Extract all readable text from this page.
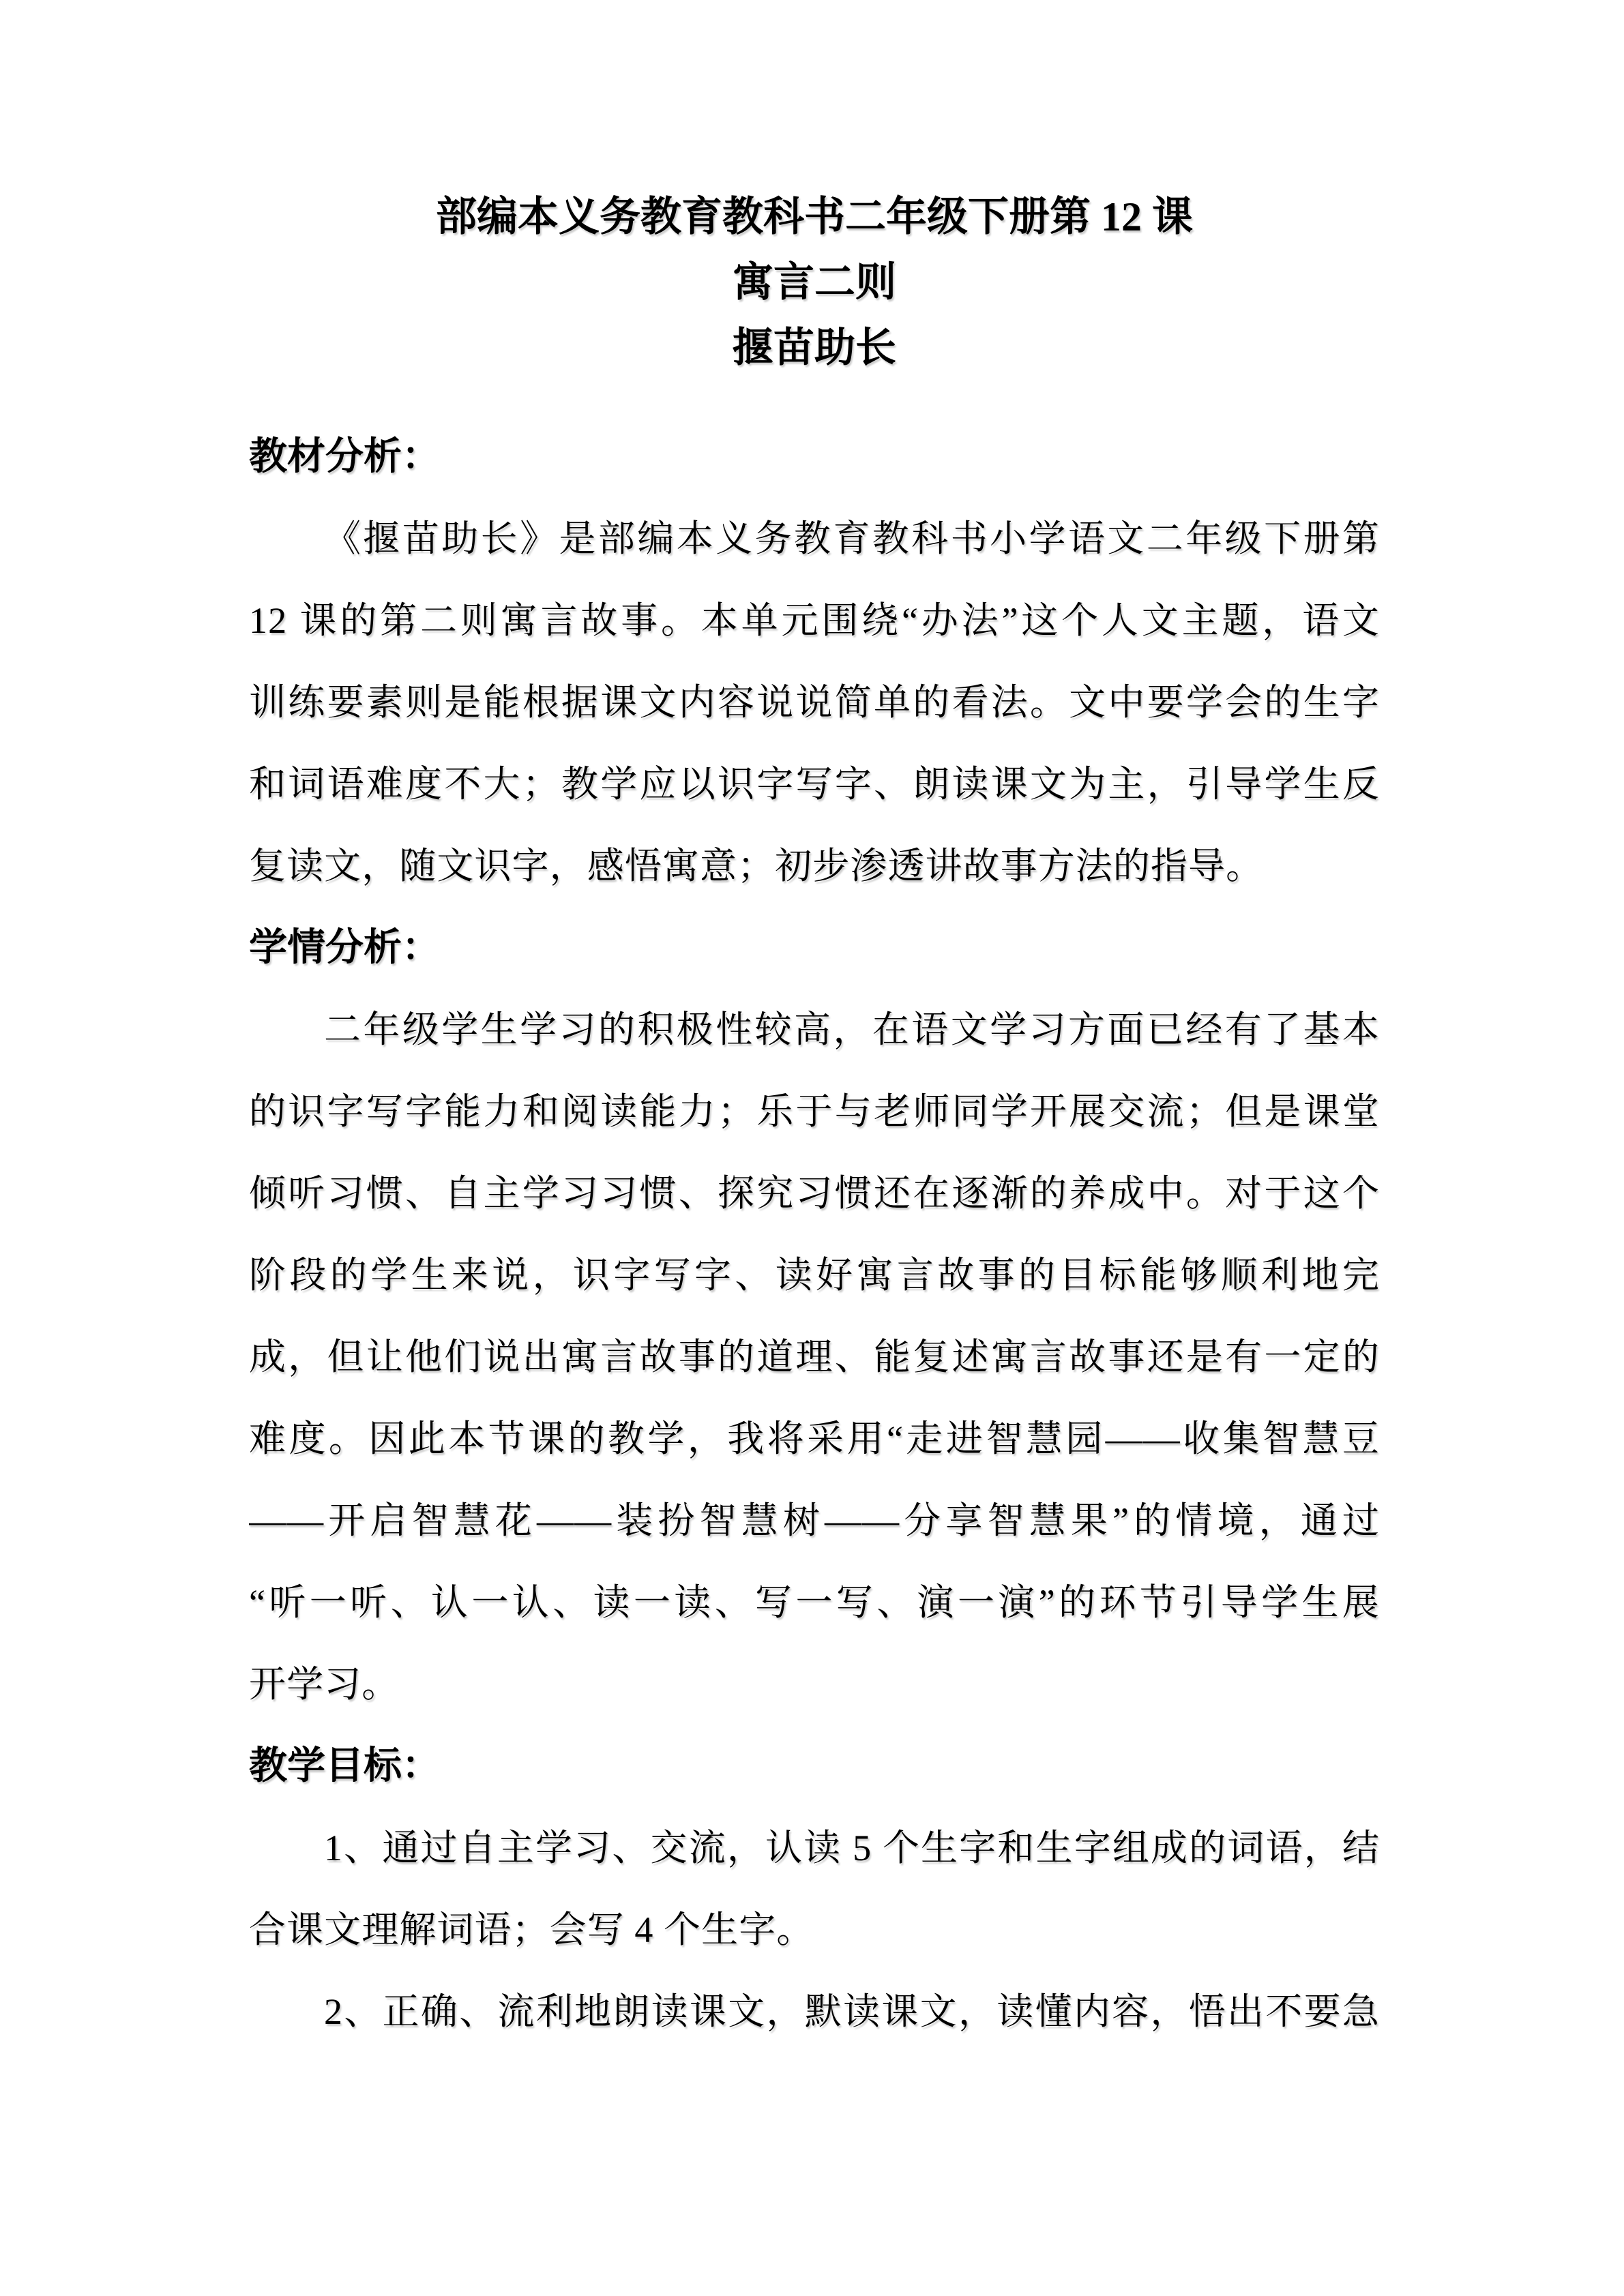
部编本义务教育教科书二年级下册第 12 课
寓言二则
揠苗助长
教材分析：
《揠苗助长》是部编本义务教育教科书小学语文二年级下册第
12 课的第二则寓言故事。本单元围绕“办法”这个人文主题，语文
训练要素则是能根据课文内容说说简单的看法。文中要学会的生字
和词语难度不大；教学应以识字写字、朗读课文为主，引导学生反
复读文，随文识字，感悟寓意；初步渗透讲故事方法的指导。
学情分析：
二年级学生学习的积极性较高，在语文学习方面已经有了基本
的识字写字能力和阅读能力；乐于与老师同学开展交流；但是课堂
倾听习惯、自主学习习惯、探究习惯还在逐渐的养成中。对于这个
阶段的学生来说，识字写字、读好寓言故事的目标能够顺利地完
成，但让他们说出寓言故事的道理、能复述寓言故事还是有一定的
难度。因此本节课的教学，我将采用“走进智慧园——收集智慧豆
——开启智慧花——装扮智慧树——分享智慧果”的情境，通过
“听一听、认一认、读一读、写一写、演一演”的环节引导学生展
开学习。
教学目标：
1、通过自主学习、交流，认读 5 个生字和生字组成的词语，结
合课文理解词语；会写 4 个生字。
2、正确、流利地朗读课文，默读课文，读懂内容，悟出不要急
